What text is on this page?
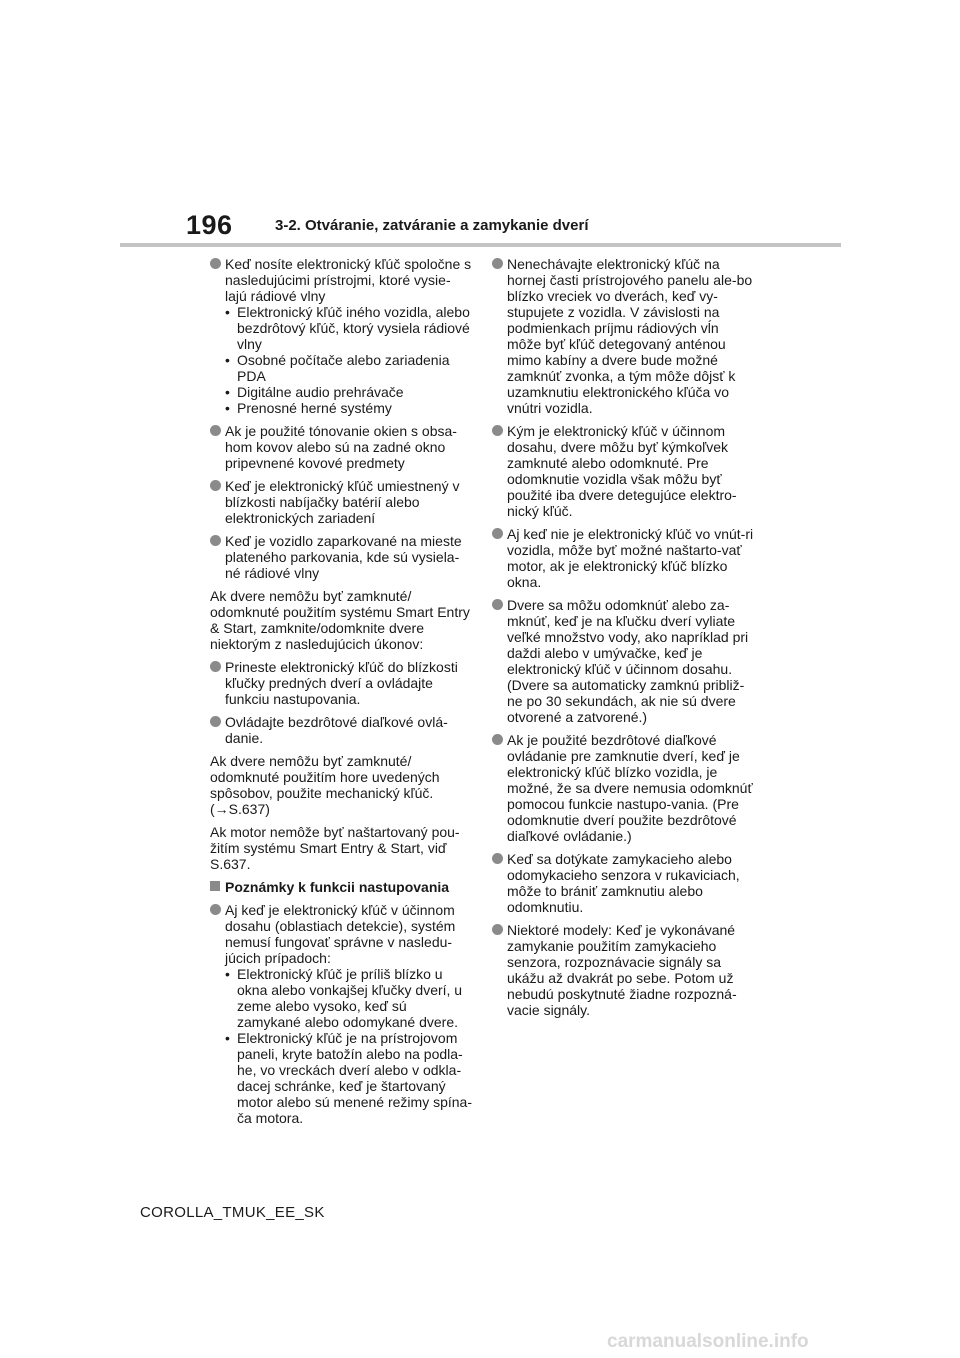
196	3-2. Otváranie, zatváranie a zamykanie dverí

Keď nosíte elektronický kľúč spoločne s nasledujúcimi prístrojmi, ktoré vysie-lajú rádiové vlny

• Elektronický kľúč iného vozidla, alebo bezdrôtový kľúč, ktorý vysiela rádiové vlny

• Osobné počítače alebo zariadenia PDA

• Digitálne audio prehrávače

• Prenosné herné systémy

Ak je použité tónovanie okien s obsa-hom kovov alebo sú na zadné okno pripevnené kovové predmety

Keď je elektronický kľúč umiestnený v blízkosti nabíjačky batérií alebo elektronických zariadení

Keď je vozidlo zaparkované na mieste plateného parkovania, kde sú vysiela-né rádiové vlny

Ak dvere nemôžu byť zamknuté/ odomknuté použitím systému Smart Entry & Start, zamknite/odomknite dvere niektorým z nasledujúcich úkonov:

Prineste elektronický kľúč do blízkosti kľučky predných dverí a ovládajte funkciu nastupovania.

Ovládajte bezdrôtové diaľkové ovlá-danie.

Ak dvere nemôžu byť zamknuté/ odomknuté použitím hore uvedených spôsobov, použite mechanický kľúč.
(→S.637)

Ak motor nemôže byť naštartovaný pou-žitím systému Smart Entry & Start, viď S.637.

Poznámky k funkcii nastupovania

Aj keď je elektronický kľúč v účinnom dosahu (oblastiach detekcie), systém nemusí fungovať správne v nasledu-júcich prípadoch:

• Elektronický kľúč je príliš blízko u okna alebo vonkajšej kľučky dverí, u zeme alebo vysoko, keď sú zamykané alebo odomykané dvere.

• Elektronický kľúč je na prístrojovom paneli, kryte batožín alebo na podla-he, vo vreckách dverí alebo v odkla-dacej schránke, keď je štartovaný motor alebo sú menené režimy spína-ča motora.

Nenechávajte elektronický kľúč na hornej časti prístrojového panelu ale-bo blízko vreciek vo dverách, keď vy-stupujete z vozidla. V závislosti na podmienkach príjmu rádiových vĺn môže byť kľúč detegovaný anténou mimo kabíny a dvere bude možné zamknúť zvonka, a tým môže dôjsť k uzamknutiu elektronického kľúča vo vnútri vozidla.

Kým je elektronický kľúč v účinnom dosahu, dvere môžu byť kýmkoľvek zamknuté alebo odomknuté. Pre odomknutie vozidla však môžu byť použité iba dvere detegujúce elektro-nický kľúč.

Aj keď nie je elektronický kľúč vo vnút-ri vozidla, môže byť možné naštarto-vať motor, ak je elektronický kľúč blízko okna.

Dvere sa môžu odomknúť alebo za-mknúť, keď je na kľučku dverí vyliate veľké množstvo vody, ako napríklad pri daždi alebo v umývačke, keď je elektronický kľúč v účinnom dosahu. (Dvere sa automaticky zamknú približ-ne po 30 sekundách, ak nie sú dvere otvorené a zatvorené.)

Ak je použité bezdrôtové diaľkové ovládanie pre zamknutie dverí, keď je elektronický kľúč blízko vozidla, je možné, že sa dvere nemusia odomknúť pomocou funkcie nastupo-vania. (Pre odomknutie dverí použite bezdrôtové diaľkové ovládanie.)

Keď sa dotýkate zamykacieho alebo odomykacieho senzora v rukaviciach, môže to brániť zamknutiu alebo odomknutiu.

Niektoré modely: Keď je vykonávané zamykanie použitím zamykacieho senzora, rozpoznávacie signály sa ukážu až dvakrát po sebe. Potom už nebudú poskytnuté žiadne rozpozná-vacie signály.

COROLLA_TMUK_EE_SK
carmanualsonline.info
